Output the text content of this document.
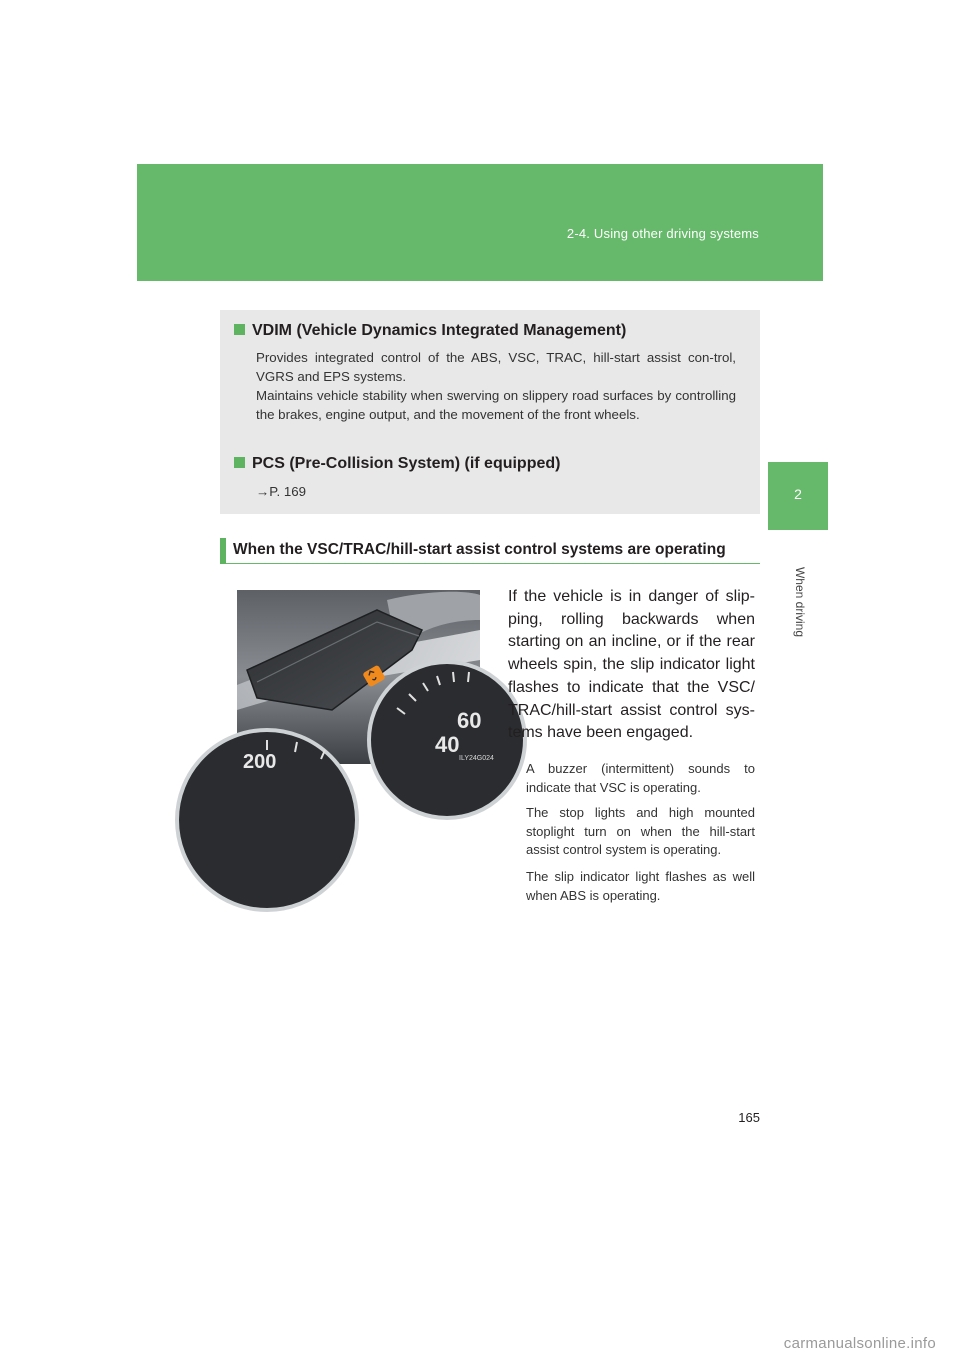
2-4. Using other driving systems
2
When driving
VDIM (Vehicle Dynamics Integrated Management)

Provides integrated control of the ABS, VSC, TRAC, hill-start assist con-trol, VGRS and EPS systems.

Maintains vehicle stability when swerving on slippery road surfaces by controlling the brakes, engine output, and the movement of the front wheels.

PCS (Pre-Collision System) (if equipped)

→P. 169

When the VSC/TRAC/hill-start assist control systems are operating
40
60
200	ILY24G024

If the vehicle is in danger of slip-ping, rolling backwards when starting on an incline, or if the rear wheels spin, the slip indicator light flashes to indicate that the VSC/ TRAC/hill-start assist control sys-tems have been engaged.

A buzzer (intermittent) sounds to indicate that VSC is operating.

The stop lights and high mounted stoplight turn on when the hill-start assist control system is operating.

The slip indicator light flashes as well when ABS is operating.

165
carmanualsonline.info
